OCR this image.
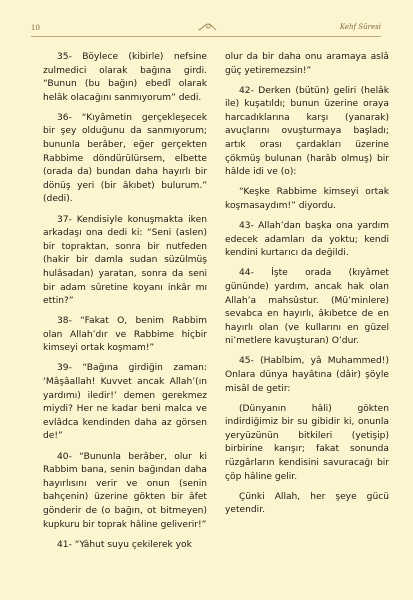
10	Kehf Sûresi

35- Böylece (kibirle) nefsine zulmedici olarak bağına girdi. “Bunun (bu bağın) ebedî olarak helâk olacağını sanmıyorum” dedi.

36- “Kıyâmetin gerçekleşecek bir şey olduğunu da sanmıyorum; bununla berâber, eğer gerçekten Rabbime döndürülürsem, elbette (orada da) bundan daha hayırlı bir dönüş yeri (bir âkıbet) bulurum.” (dedi).

37- Kendisiyle konuşmakta iken arkadaşı ona dedi ki: “Seni (aslen) bir topraktan, sonra bir nutfeden (hakir bir damla sudan süzülmüş hulâsadan) yaratan, sonra da seni bir adam sûretine koyanı inkâr mı ettin?”

38- “Fakat O, benim Rabbim olan Allah’dır ve Rabbime hiçbir kimseyi ortak koşmam!”

39- “Bağına girdiğin zaman: ‘Mâşâallah! Kuvvet ancak Allah’(ın yardımı) iledir!’ demen gerekmez miydi? Her ne kadar beni malca ve evlâdca kendinden daha az görsen de!”

40- “Bununla berâber, olur ki Rabbim bana, senin bağından daha hayırlısını verir ve onun (senin bahçenin) üzerine gökten bir âfet gönderir de (o bağın, ot bitmeyen) kupkuru bir toprak hâline geliverir!”

41- “Yâhut suyu çekilerek yok

olur da bir daha onu aramaya aslâ güç yetiremezsin!”

42- Derken (bütün) geliri (helâk ile) kuşatıldı; bunun üzerine oraya harcadıklarına karşı (yanarak) avuçlarını ovuşturmaya başladı; artık orası çardakları üzerine çökmüş bulunan (harâb olmuş) bir hâlde idi ve (o):

“Keşke Rabbime kimseyi ortak koşmasaydım!” diyordu.

43- Allah’dan başka ona yardım edecek adamları da yoktu; kendi kendini kurtarıcı da değildi.

44- İşte orada (kıyâmet gününde) yardım, ancak hak olan Allah’a mahsûstur. (Mü’minlere) sevabca en hayırlı, âkıbetce de en hayırlı olan (ve kullarını en güzel ni’metlere kavuşturan) O’dur.

45- (Habîbim, yâ Muhammed!) Onlara dünya hayâtına (dâir) şöyle misâl de getir:

(Dünyanın hâli) gökten indirdiğimiz bir su gibidir ki, onunla yeryüzünün bitkileri (yetişip) birbirine karışır; fakat sonunda rüzgârların kendisini savuracağı bir çöp hâline gelir.

Çünki Allah, her şeye gücü yetendir.
